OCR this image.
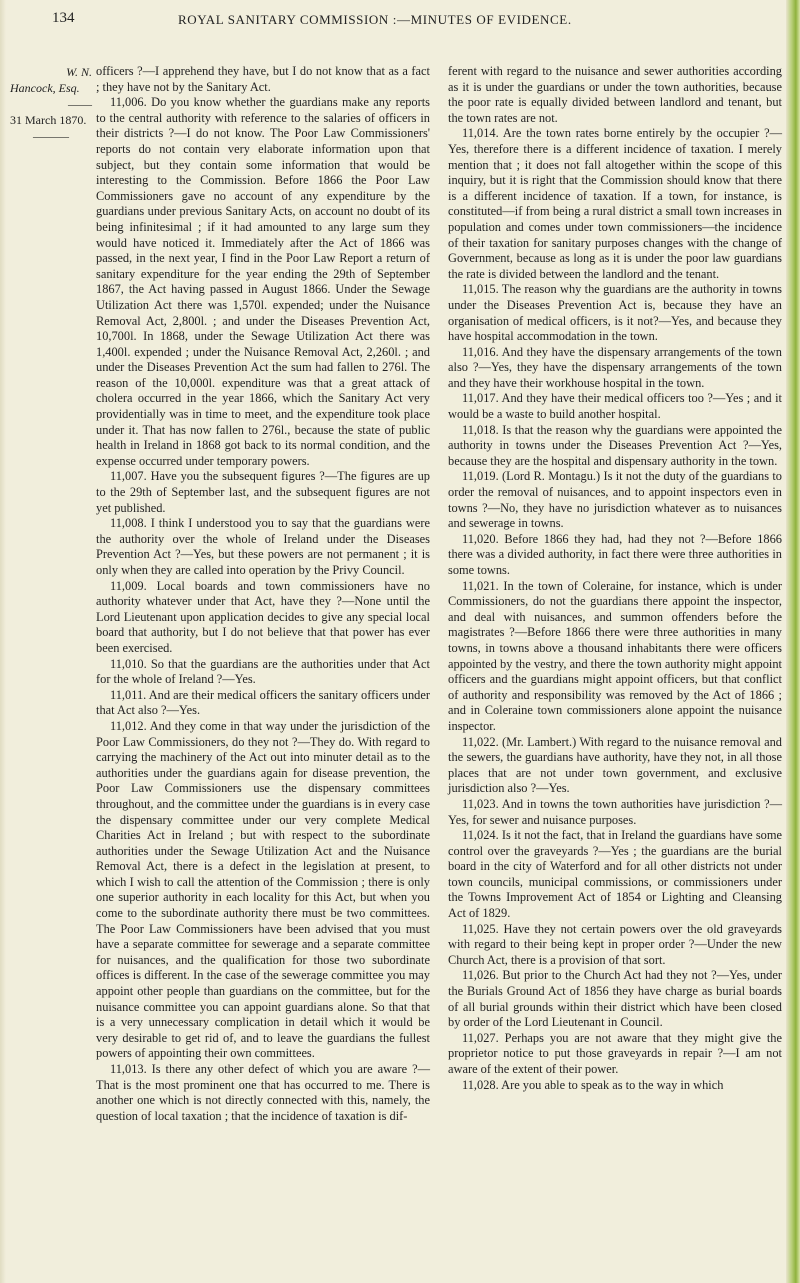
134	ROYAL SANITARY COMMISSION :—MINUTES OF EVIDENCE.
W. N.
Hancock, Esq.
——
31 March 1870.
———

officers ?—I apprehend they have, but I do not know that as a fact ; they have not by the Sanitary Act.

11,006. Do you know whether the guardians make any reports to the central authority with reference to the salaries of officers in their districts ?—I do not know. The Poor Law Commissioners' reports do not contain very elaborate information upon that subject, but they contain some information that would be interesting to the Commission. Before 1866 the Poor Law Commissioners gave no account of any expenditure by the guardians under previous Sanitary Acts, on account no doubt of its being infinitesimal ; if it had amounted to any large sum they would have noticed it. Immediately after the Act of 1866 was passed, in the next year, I find in the Poor Law Report a return of sanitary expenditure for the year ending the 29th of September 1867, the Act having passed in August 1866. Under the Sewage Utilization Act there was 1,570l. expended; under the Nuisance Removal Act, 2,800l. ; and under the Diseases Prevention Act, 10,700l. In 1868, under the Sewage Utilization Act there was 1,400l. expended ; under the Nuisance Removal Act, 2,260l. ; and under the Diseases Prevention Act the sum had fallen to 276l. The reason of the 10,000l. expenditure was that a great attack of cholera occurred in the year 1866, which the Sanitary Act very providentially was in time to meet, and the expenditure took place under it. That has now fallen to 276l., because the state of public health in Ireland in 1868 got back to its normal condition, and the expense occurred under temporary powers.

11,007. Have you the subsequent figures ?—The figures are up to the 29th of September last, and the subsequent figures are not yet published.

11,008. I think I understood you to say that the guardians were the authority over the whole of Ireland under the Diseases Prevention Act ?—Yes, but these powers are not permanent ; it is only when they are called into operation by the Privy Council.

11,009. Local boards and town commissioners have no authority whatever under that Act, have they ?—None until the Lord Lieutenant upon application decides to give any special local board that authority, but I do not believe that that power has ever been exercised.

11,010. So that the guardians are the authorities under that Act for the whole of Ireland ?—Yes.

11,011. And are their medical officers the sanitary officers under that Act also ?—Yes.

11,012. And they come in that way under the jurisdiction of the Poor Law Commissioners, do they not ?—They do. With regard to carrying the machinery of the Act out into minuter detail as to the authorities under the guardians again for disease prevention, the Poor Law Commissioners use the dispensary committees throughout, and the committee under the guardians is in every case the dispensary committee under our very complete Medical Charities Act in Ireland ; but with respect to the subordinate authorities under the Sewage Utilization Act and the Nuisance Removal Act, there is a defect in the legislation at present, to which I wish to call the attention of the Commission ; there is only one superior authority in each locality for this Act, but when you come to the subordinate authority there must be two committees. The Poor Law Commissioners have been advised that you must have a separate committee for sewerage and a separate committee for nuisances, and the qualification for those two subordinate offices is different. In the case of the sewerage committee you may appoint other people than guardians on the committee, but for the nuisance committee you can appoint guardians alone. So that that is a very unnecessary complication in detail which it would be very desirable to get rid of, and to leave the guardians the fullest powers of appointing their own committees.

11,013. Is there any other defect of which you are aware ?—That is the most prominent one that has occurred to me. There is another one which is not directly connected with this, namely, the question of local taxation ; that the incidence of taxation is dif-

ferent with regard to the nuisance and sewer authorities according as it is under the guardians or under the town authorities, because the poor rate is equally divided between landlord and tenant, but the town rates are not.

11,014. Are the town rates borne entirely by the occupier ?—Yes, therefore there is a different incidence of taxation. I merely mention that ; it does not fall altogether within the scope of this inquiry, but it is right that the Commission should know that there is a different incidence of taxation. If a town, for instance, is constituted—if from being a rural district a small town increases in population and comes under town commissioners—the incidence of their taxation for sanitary purposes changes with the change of Government, because as long as it is under the poor law guardians the rate is divided between the landlord and the tenant.

11,015. The reason why the guardians are the authority in towns under the Diseases Prevention Act is, because they have an organisation of medical officers, is it not?—Yes, and because they have hospital accommodation in the town.

11,016. And they have the dispensary arrangements of the town also ?—Yes, they have the dispensary arrangements of the town and they have their workhouse hospital in the town.

11,017. And they have their medical officers too ?—Yes ; and it would be a waste to build another hospital.

11,018. Is that the reason why the guardians were appointed the authority in towns under the Diseases Prevention Act ?—Yes, because they are the hospital and dispensary authority in the town.

11,019. (Lord R. Montagu.) Is it not the duty of the guardians to order the removal of nuisances, and to appoint inspectors even in towns ?—No, they have no jurisdiction whatever as to nuisances and sewerage in towns.

11,020. Before 1866 they had, had they not ?—Before 1866 there was a divided authority, in fact there were three authorities in some towns.

11,021. In the town of Coleraine, for instance, which is under Commissioners, do not the guardians there appoint the inspector, and deal with nuisances, and summon offenders before the magistrates ?—Before 1866 there were three authorities in many towns, in towns above a thousand inhabitants there were officers appointed by the vestry, and there the town authority might appoint officers and the guardians might appoint officers, but that conflict of authority and responsibility was removed by the Act of 1866 ; and in Coleraine town commissioners alone appoint the nuisance inspector.

11,022. (Mr. Lambert.) With regard to the nuisance removal and the sewers, the guardians have authority, have they not, in all those places that are not under town government, and exclusive jurisdiction also ?—Yes.

11,023. And in towns the town authorities have jurisdiction ?—Yes, for sewer and nuisance purposes.

11,024. Is it not the fact, that in Ireland the guardians have some control over the graveyards ?—Yes ; the guardians are the burial board in the city of Waterford and for all other districts not under town councils, municipal commissions, or commissioners under the Towns Improvement Act of 1854 or Lighting and Cleansing Act of 1829.

11,025. Have they not certain powers over the old graveyards with regard to their being kept in proper order ?—Under the new Church Act, there is a provision of that sort.

11,026. But prior to the Church Act had they not ?—Yes, under the Burials Ground Act of 1856 they have charge as burial boards of all burial grounds within their district which have been closed by order of the Lord Lieutenant in Council.

11,027. Perhaps you are not aware that they might give the proprietor notice to put those graveyards in repair ?—I am not aware of the extent of their power.

11,028. Are you able to speak as to the way in which
